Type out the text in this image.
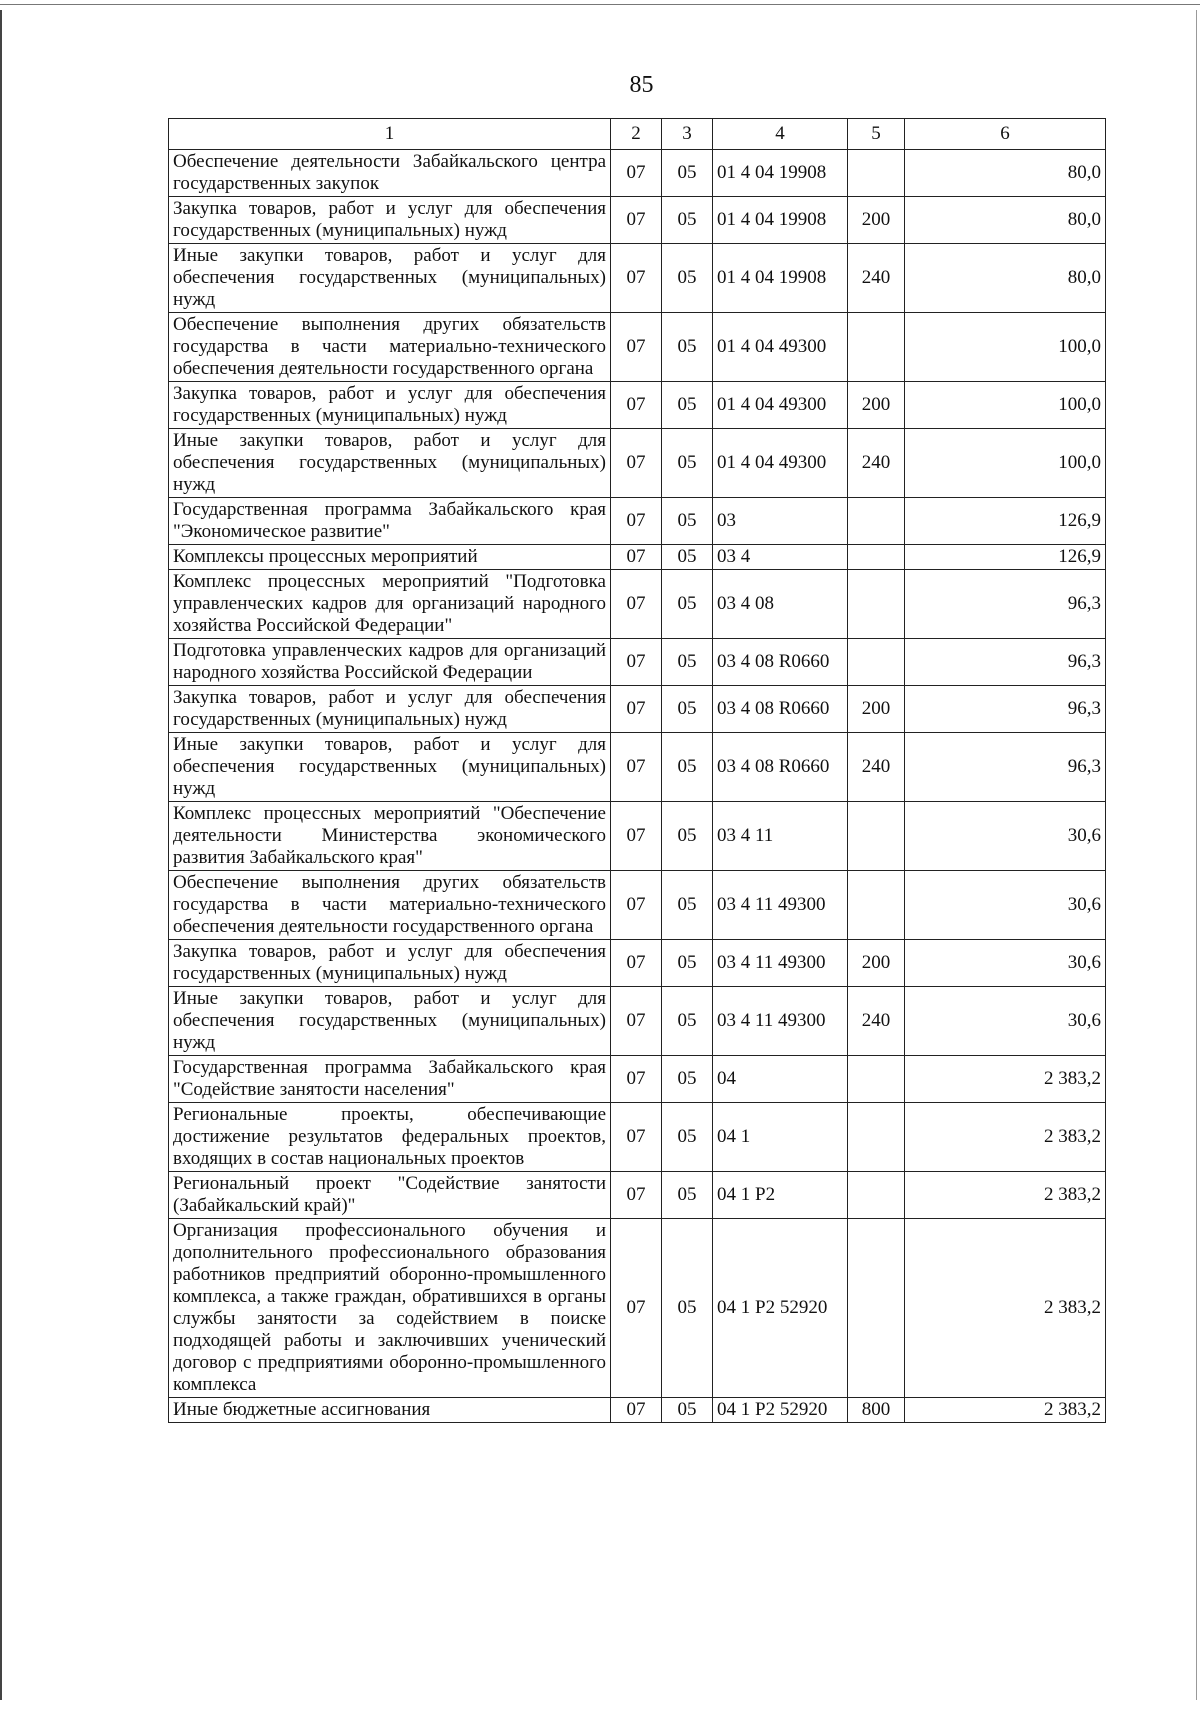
85
1	2	3	4	5	6
Обеспечение деятельности Забайкальского центра государственных закупок	07	05	01 4 04 19908		80,0
Закупка товаров, работ и услуг для обеспечения государственных (муниципальных) нужд	07	05	01 4 04 19908	200	80,0
Иные закупки товаров, работ и услуг для обеспечения государственных (муниципальных) нужд	07	05	01 4 04 19908	240	80,0
Обеспечение выполнения других обязательств государства в части материально-технического обеспечения деятельности государственного органа	07	05	01 4 04 49300		100,0
Закупка товаров, работ и услуг для обеспечения государственных (муниципальных) нужд	07	05	01 4 04 49300	200	100,0
Иные закупки товаров, работ и услуг для обеспечения государственных (муниципальных) нужд	07	05	01 4 04 49300	240	100,0
Государственная программа Забайкальского края "Экономическое развитие"	07	05	03		126,9
Комплексы процессных мероприятий	07	05	03 4		126,9
Комплекс процессных мероприятий "Подготовка управленческих кадров для организаций народного хозяйства Российской Федерации"	07	05	03 4 08		96,3
Подготовка управленческих кадров для организаций народного хозяйства Российской Федерации	07	05	03 4 08 R0660		96,3
Закупка товаров, работ и услуг для обеспечения государственных (муниципальных) нужд	07	05	03 4 08 R0660	200	96,3
Иные закупки товаров, работ и услуг для обеспечения государственных (муниципальных) нужд	07	05	03 4 08 R0660	240	96,3
Комплекс процессных мероприятий "Обеспечение деятельности Министерства экономического развития Забайкальского края"	07	05	03 4 11		30,6
Обеспечение выполнения других обязательств государства в части материально-технического обеспечения деятельности государственного органа	07	05	03 4 11 49300		30,6
Закупка товаров, работ и услуг для обеспечения государственных (муниципальных) нужд	07	05	03 4 11 49300	200	30,6
Иные закупки товаров, работ и услуг для обеспечения государственных (муниципальных) нужд	07	05	03 4 11 49300	240	30,6
Государственная программа Забайкальского края "Содействие занятости населения"	07	05	04		2 383,2
Региональные проекты, обеспечивающие достижение результатов федеральных проектов, входящих в состав национальных проектов	07	05	04 1		2 383,2
Региональный проект "Содействие занятости (Забайкальский край)"	07	05	04 1 P2		2 383,2
Организация профессионального обучения и дополнительного профессионального образования работников предприятий оборонно-промышленного комплекса, а также граждан, обратившихся в органы службы занятости за содействием в поиске подходящей работы и заключивших ученический договор с предприятиями оборонно-промышленного комплекса	07	05	04 1 P2 52920		2 383,2
Иные бюджетные ассигнования	07	05	04 1 P2 52920	800	2 383,2
